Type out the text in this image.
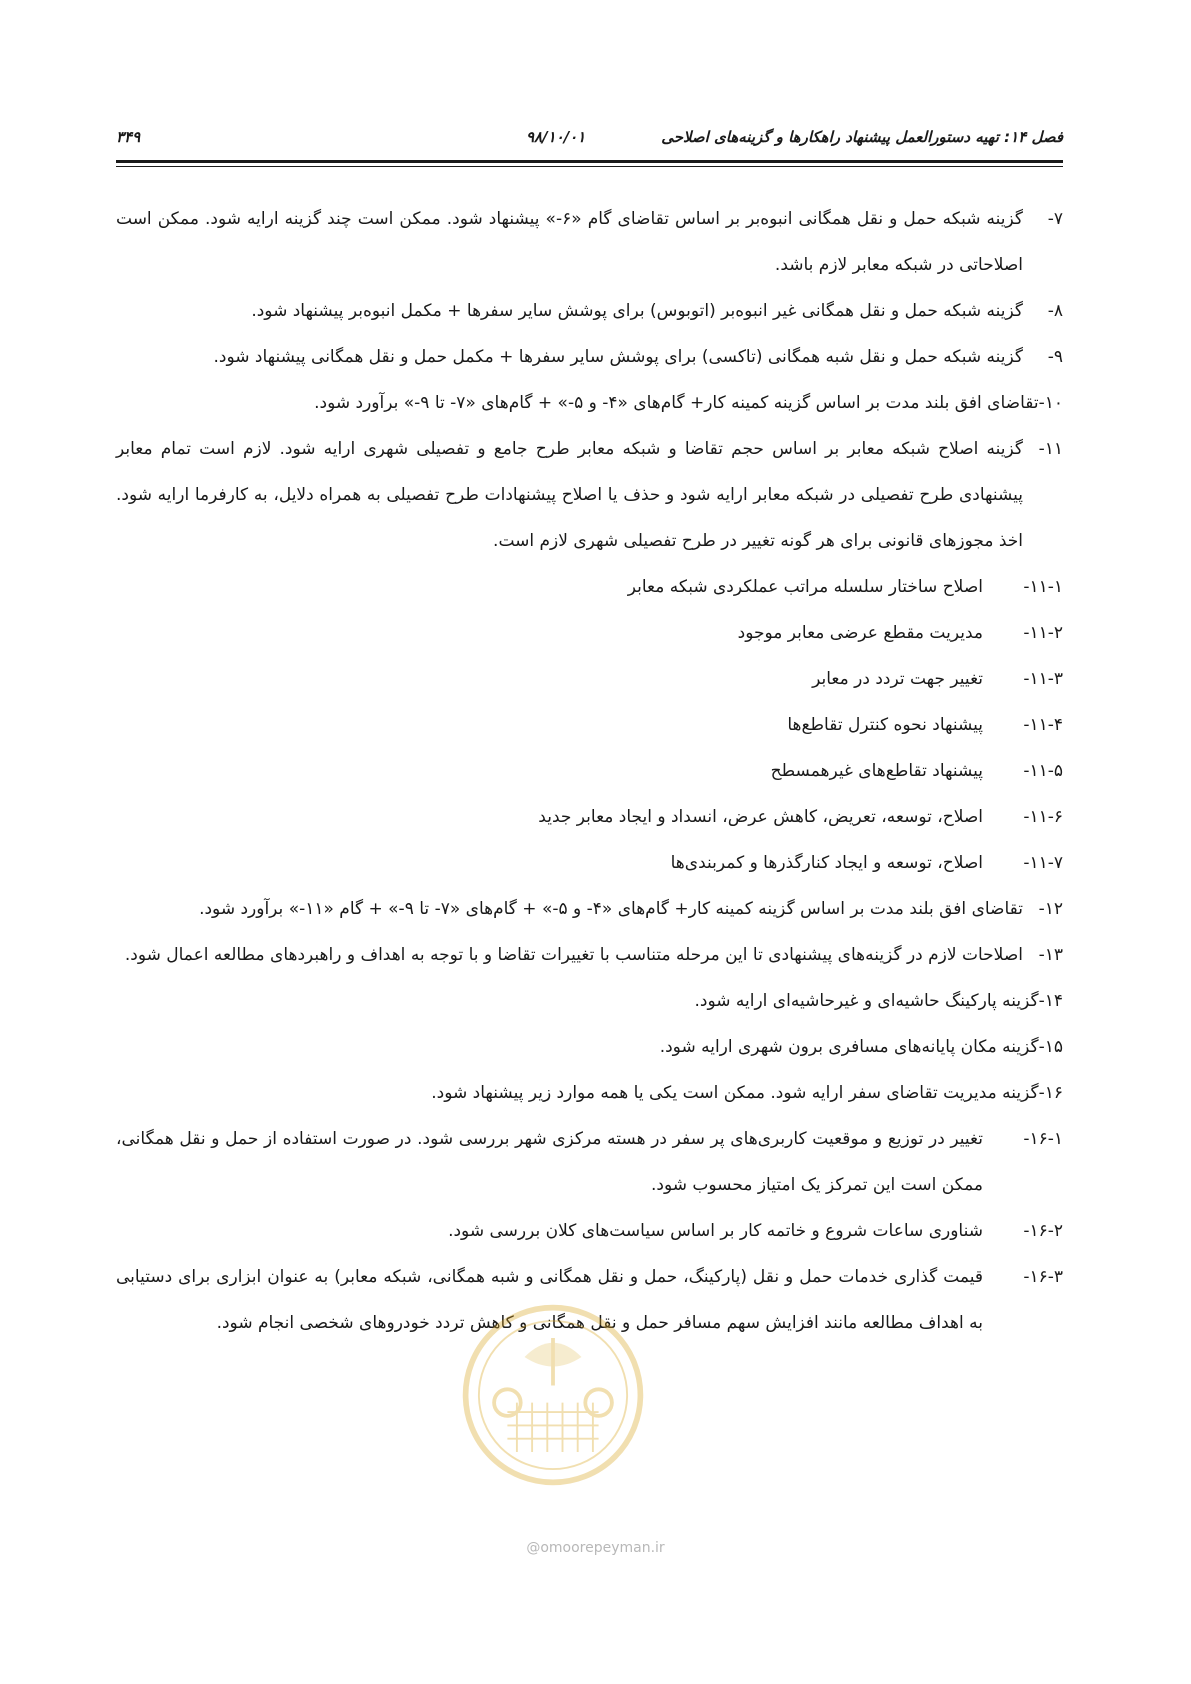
فصل ۱۴: تهیه دستورالعمل پیشنهاد راهکارها و گزینه‌های اصلاحی
۹۸/۱۰/۰۱
۳۴۹

۷-
گزینه شبکه حمل و نقل همگانی انبوه‌بر بر اساس تقاضای گام «۶-» پیشنهاد شود. ممکن است چند گزینه ارایه شود. ممکن است اصلاحاتی در شبکه معابر لازم باشد.

۸-
گزینه شبکه حمل و نقل همگانی غیر انبوه‌بر (اتوبوس) برای پوشش سایر سفرها + مکمل انبوه‌بر پیشنهاد شود.

۹-
گزینه شبکه حمل و نقل شبه همگانی (تاکسی) برای پوشش سایر سفرها + مکمل حمل و نقل همگانی پیشنهاد شود.

۱۰-تقاضای افق بلند مدت بر اساس گزینه کمینه کار+ گام‌های «۴- و ۵-» + گام‌های «۷- تا ۹-» برآورد شود.

۱۱-
گزینه اصلاح شبکه معابر بر اساس حجم تقاضا و شبکه معابر طرح جامع و تفصیلی شهری ارایه شود. لازم است تمام معابر پیشنهادی طرح تفصیلی در شبکه معابر ارایه شود و حذف یا اصلاح پیشنهادات طرح تفصیلی به همراه دلایل، به کارفرما ارایه شود. اخذ مجوزهای قانونی برای هر گونه تغییر در طرح تفصیلی شهری لازم است.

۱۱-۱-
اصلاح ساختار سلسله مراتب عملکردی شبکه معابر

۱۱-۲-
مدیریت مقطع عرضی معابر موجود

۱۱-۳-
تغییر جهت تردد در معابر

۱۱-۴-
پیشنهاد نحوه کنترل تقاطع‌ها

۱۱-۵-
پیشنهاد تقاطع‌های غیرهمسطح

۱۱-۶-
اصلاح، توسعه، تعریض، کاهش عرض، انسداد و ایجاد معابر جدید

۱۱-۷-
اصلاح، توسعه و ایجاد کنارگذرها و کمربندی‌ها

۱۲-
تقاضای افق بلند مدت بر اساس گزینه کمینه کار+ گام‌های «۴- و ۵-» + گام‌های «۷- تا ۹-» + گام «۱۱-» برآورد شود.

۱۳-
اصلاحات لازم در گزینه‌های پیشنهادی تا این مرحله متناسب با تغییرات تقاضا و با توجه به اهداف و راهبردهای مطالعه اعمال شود.

۱۴-گزینه پارکینگ حاشیه‌ای و غیرحاشیه‌ای ارایه شود.

۱۵-گزینه مکان پایانه‌های مسافری برون شهری ارایه شود.

۱۶-گزینه مدیریت تقاضای سفر ارایه شود. ممکن است یکی یا همه موارد زیر پیشنهاد شود.

۱۶-۱-
تغییر در توزیع و موقعیت کاربری‌های پر سفر در هسته مرکزی شهر بررسی شود. در صورت استفاده از حمل و نقل همگانی، ممکن است این تمرکز یک امتیاز محسوب شود.

۱۶-۲-
شناوری ساعات شروع و خاتمه کار بر اساس سیاست‌های کلان بررسی شود.

۱۶-۳-
قیمت گذاری خدمات حمل و نقل (پارکینگ، حمل و نقل همگانی و شبه همگانی، شبکه معابر) به عنوان ابزاری برای دستیابی به اهداف مطالعه مانند افزایش سهم مسافر حمل و نقل همگانی و کاهش تردد خودروهای شخصی انجام شود.

@omoorepeyman.ir
